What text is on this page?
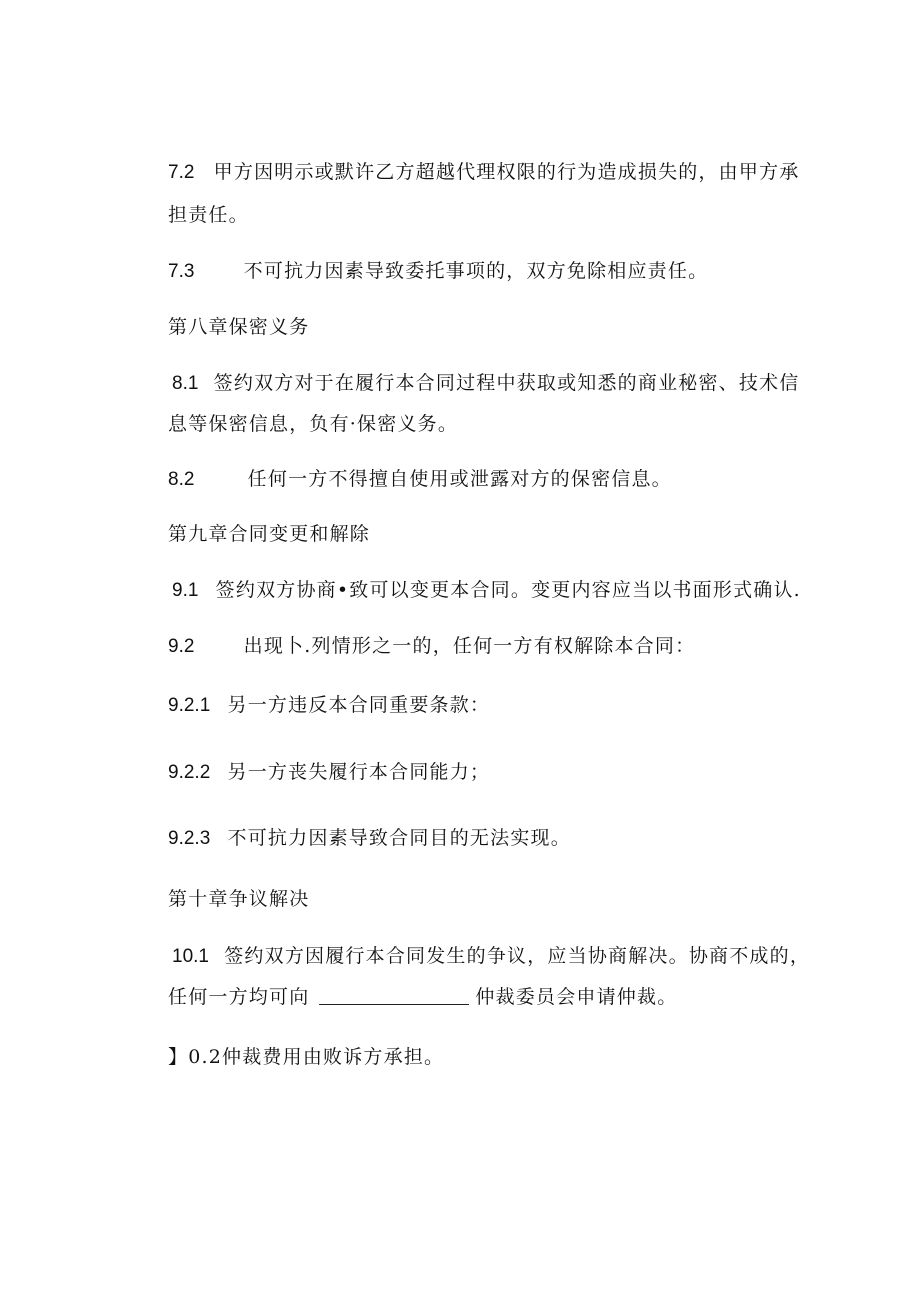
7.2 甲方因明示或默许乙方超越代理权限的行为造成损失的，由甲方承
担责任。
7.3	不可抗力因素导致委托事项的，双方免除相应责任。
第八章保密义务
8.1 签约双方对于在履行本合同过程中获取或知悉的商业秘密、技术信
息等保密信息，负有·保密义务。
8.2	任何一方不得擅自使用或泄露对方的保密信息。
第九章合同变更和解除
9.1 签约双方协商•致可以变更本合同。变更内容应当以书面形式确认.
9.2	出现卜.列情形之一的，任何一方有权解除本合同：
9.2.1 另一方违反本合同重要条款：
9.2.2 另一方丧失履行本合同能力；
9.2.3 不可抗力因素导致合同目的无法实现。
第十章争议解决
10.1 签约双方因履行本合同发生的争议，应当协商解决。协商不成的，
任何一方均可向	仲裁委员会申请仲裁。
】0.2仲裁费用由败诉方承担。
